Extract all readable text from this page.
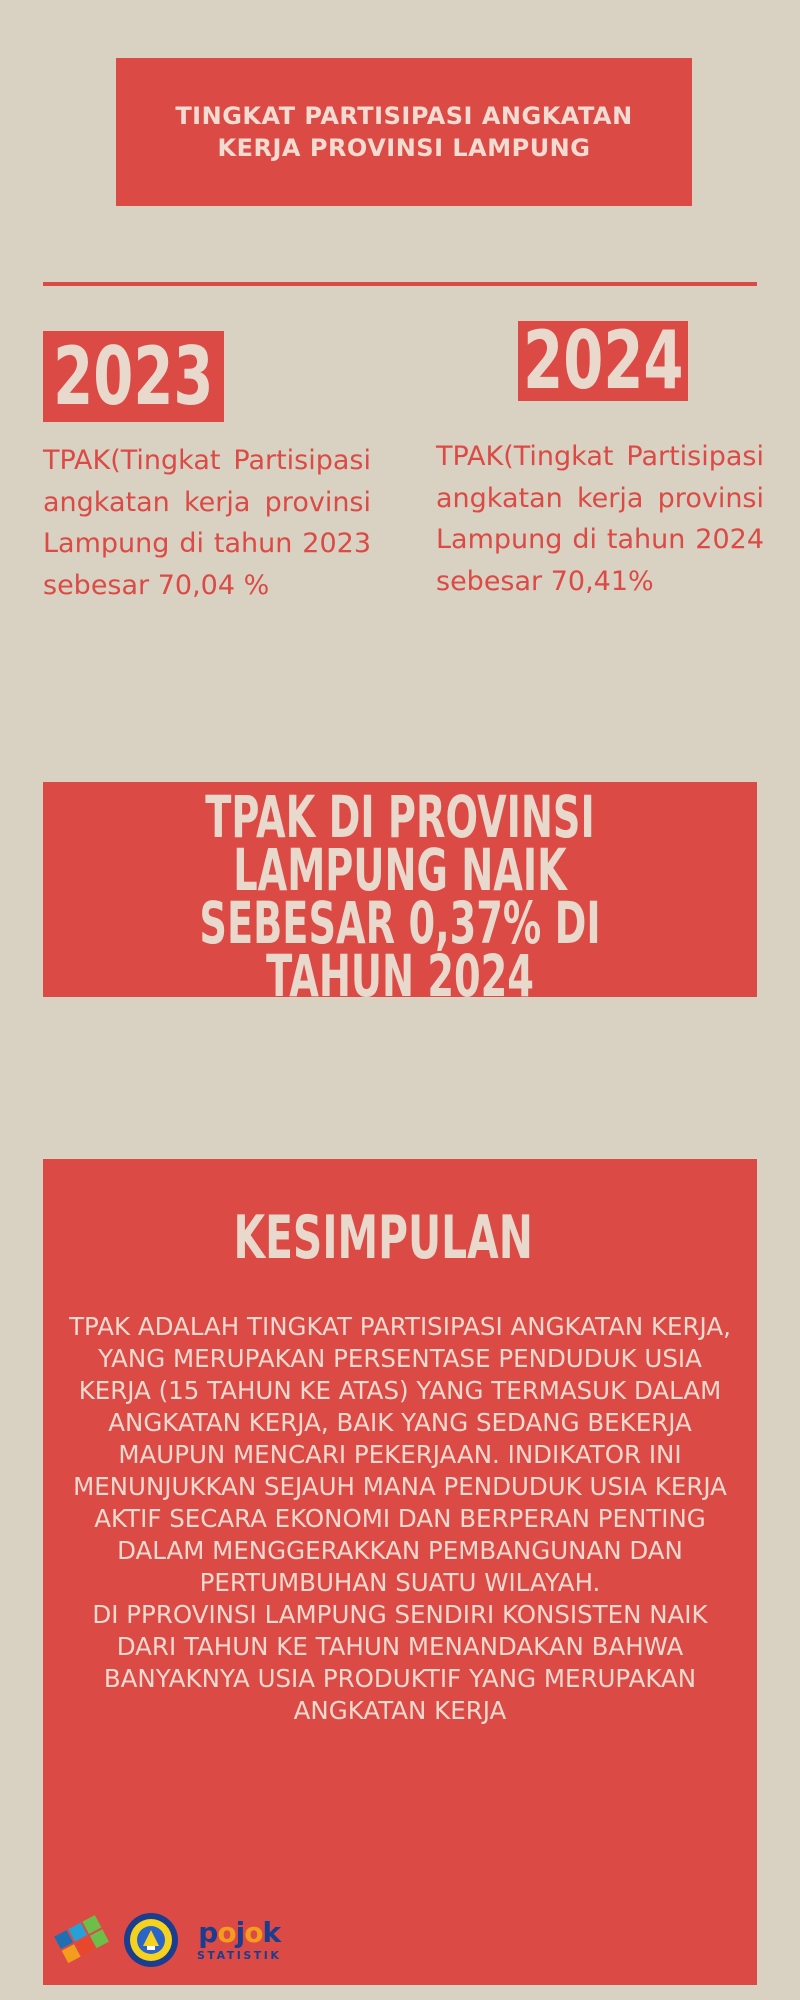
TINGKAT PARTISIPASI ANGKATAN KERJA PROVINSI LAMPUNG
2023
TPAK(Tingkat Partisipasi angkatan kerja provinsi Lampung di tahun 2023 sebesar 70,04 %
2024
TPAK(Tingkat Partisipasi angkatan kerja provinsi Lampung di tahun 2024 sebesar 70,41%
TPAK DI PROVINSI LAMPUNG NAIK SEBESAR 0,37% DI TAHUN 2024
KESIMPULAN
TPAK ADALAH TINGKAT PARTISIPASI ANGKATAN KERJA, YANG MERUPAKAN PERSENTASE PENDUDUK USIA KERJA (15 TAHUN KE ATAS) YANG TERMASUK DALAM ANGKATAN KERJA, BAIK YANG SEDANG BEKERJA MAUPUN MENCARI PEKERJAAN. INDIKATOR INI MENUNJUKKAN SEJAUH MANA PENDUDUK USIA KERJA AKTIF SECARA EKONOMI DAN BERPERAN PENTING DALAM MENGGERAKKAN PEMBANGUNAN DAN PERTUMBUHAN SUATU WILAYAH.
DI PPROVINSI LAMPUNG SENDIRI KONSISTEN NAIK DARI TAHUN KE TAHUN MENANDAKAN BAHWA BANYAKNYA USIA PRODUKTIF YANG MERUPAKAN ANGKATAN KERJA
pojok
STATISTIK
